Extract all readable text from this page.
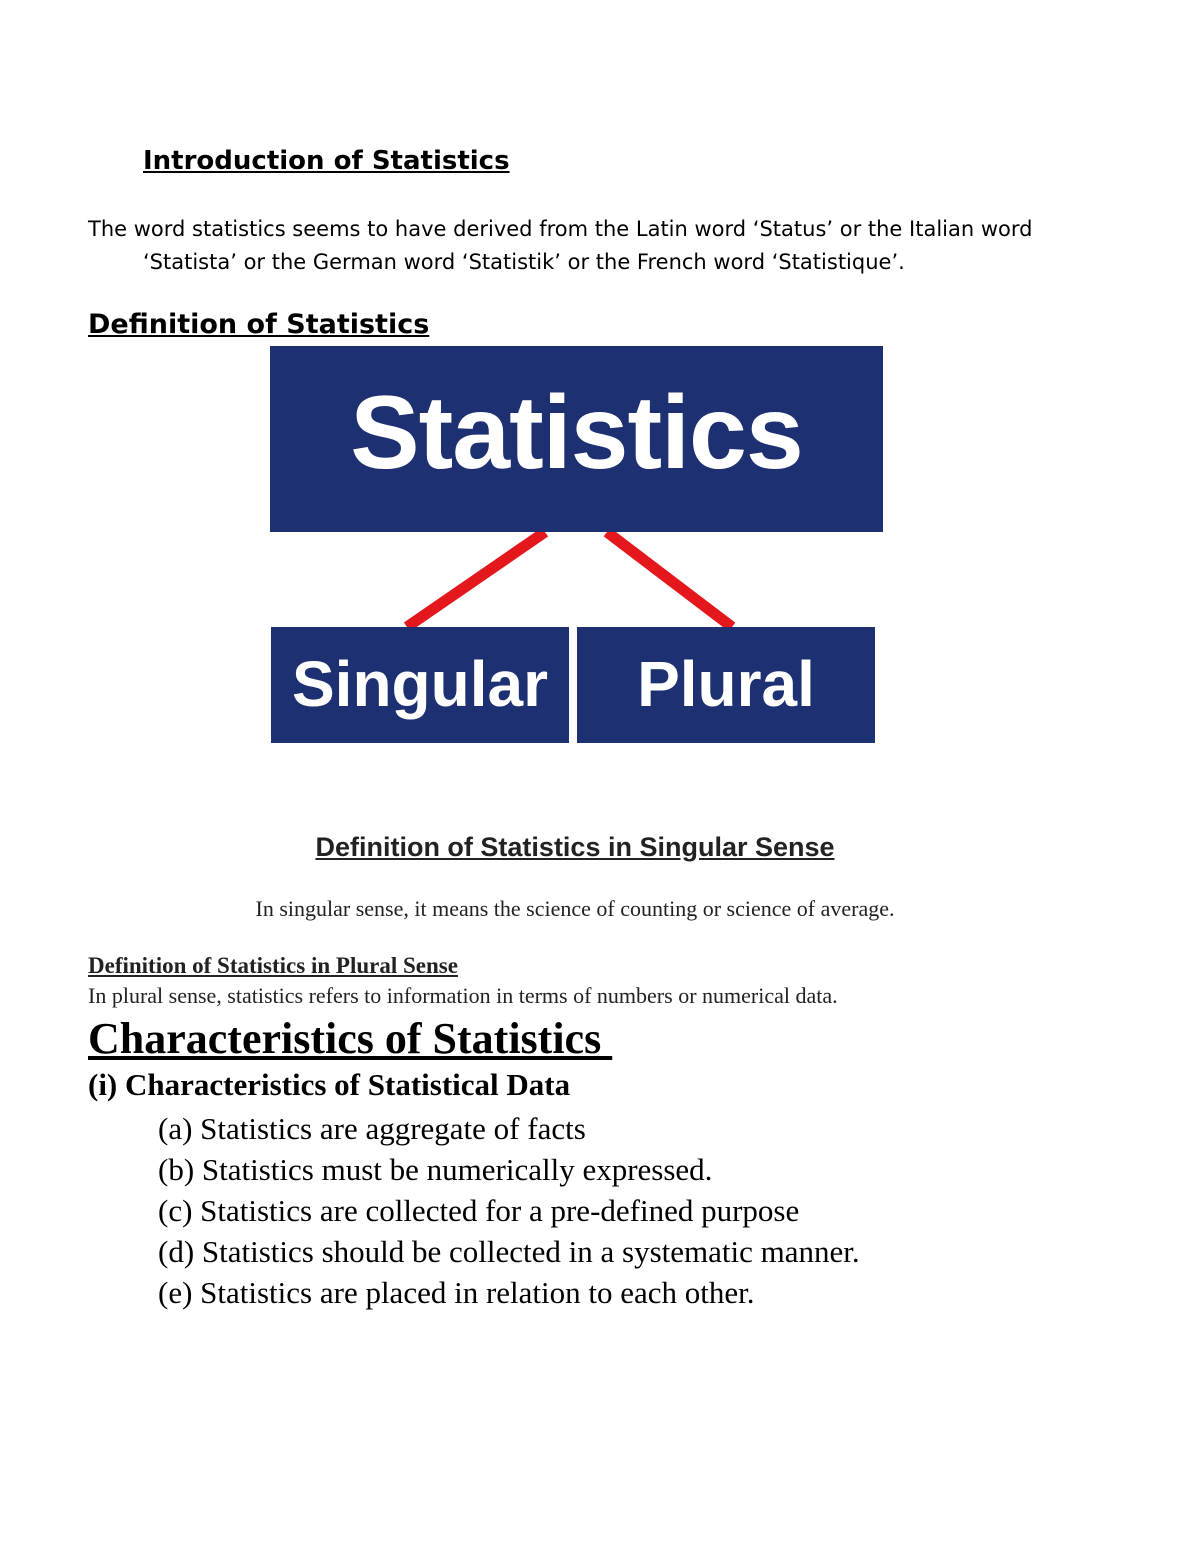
Introduction of Statistics

The word statistics seems to have derived from the Latin word ‘Status’ or the Italian word
‘Statista’ or the German word ‘Statistik’ or the French word ‘Statistique’.

Definition of Statistics
Statistics
Singular	Plural
Definition of Statistics in Singular Sense

In singular sense, it means the science of counting or science of average.

Definition of Statistics in Plural Sense

In plural sense, statistics refers to information in terms of numbers or numerical data.

Characteristics of Statistics
(i) Characteristics of Statistical Data
(a) Statistics are aggregate of facts
(b) Statistics must be numerically expressed.
(c) Statistics are collected for a pre-defined purpose
(d) Statistics should be collected in a systematic manner.
(e) Statistics are placed in relation to each other.
